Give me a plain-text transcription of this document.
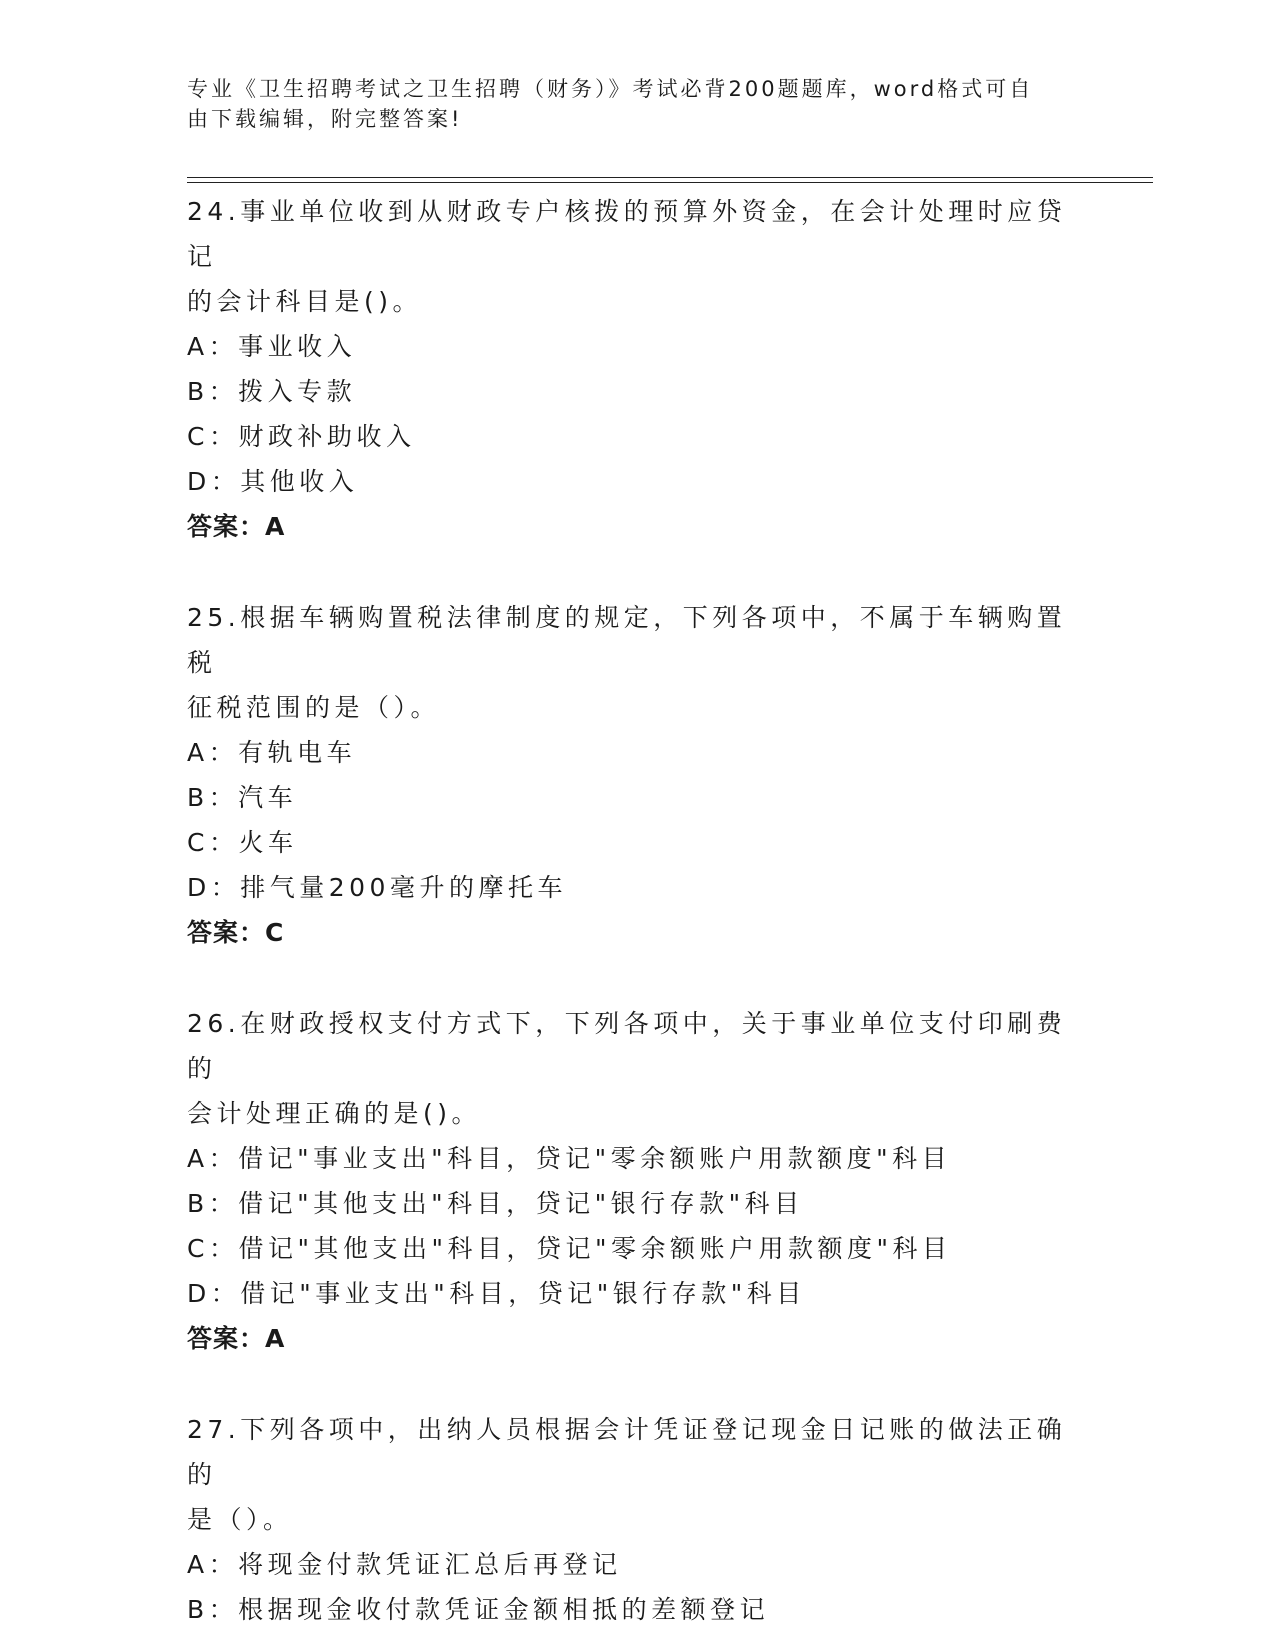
专业《卫生招聘考试之卫生招聘（财务）》考试必背200题题库，word格式可自
由下载编辑，附完整答案!

24.事业单位收到从财政专户核拨的预算外资金，在会计处理时应贷记

的会计科目是()。

A：事业收入

B：拨入专款

C：财政补助收入

D：其他收入

答案：A

25.根据车辆购置税法律制度的规定，下列各项中，不属于车辆购置税

征税范围的是（）。

A：有轨电车

B：汽车

C：火车

D：排气量200毫升的摩托车

答案：C

26.在财政授权支付方式下，下列各项中，关于事业单位支付印刷费的

会计处理正确的是()。

A：借记"事业支出"科目，贷记"零余额账户用款额度"科目

B：借记"其他支出"科目，贷记"银行存款"科目

C：借记"其他支出"科目，贷记"零余额账户用款额度"科目

D：借记"事业支出"科目，贷记"银行存款"科目

答案：A

27.下列各项中，出纳人员根据会计凭证登记现金日记账的做法正确的

是（）。

A：将现金付款凭证汇总后再登记

B：根据现金收付款凭证金额相抵的差额登记
